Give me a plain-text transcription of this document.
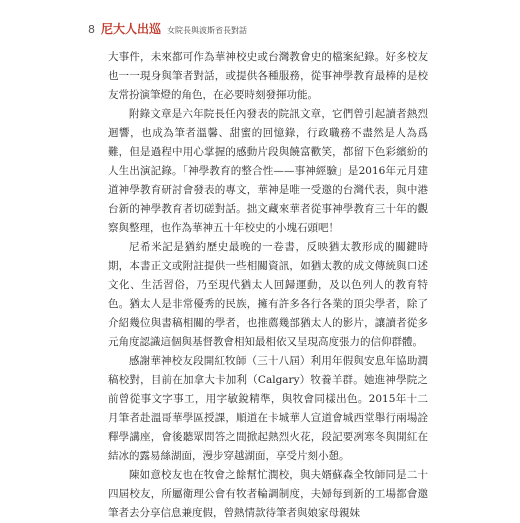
8 尼大人出巡 女院長與波斯省長對話

大事件，未來都可作為華神校史或台灣教會史的檔案紀錄。好多校友也一一現身與筆者對話，或提供各種服務，從事神學教育最棒的是校友常扮演筆燈的角色，在必要時刻發揮功能。

附錄文章是六年院長任內發表的院訊文章，它們曾引起讀者熱烈迴響，也成為筆者溫馨、甜蜜的回憶錄，行政職務不盡然是人為爲難，但是過程中用心掌握的感動片段與饒富歡笑，都留下色彩繽紛的人生出演記錄。「神學教育的整合性——事神經驗」是2016年元月建道神學教育研討會發表的專文，華神是唯一受邀的台灣代表，與中港台新的神學教育者切磋對話。拙文藏來華者從事神學教育三十年的觀察與整理，也作為華神五十年校史的小塊石頭吧！

尼希米記是猶約歷史最晚的一卷書，反映猶太教形成的關鍵時期，本書正文或附註提供一些相關資訊，如猶太教的成文傳統與口述文化、生活習俗，乃至現代猶太人回歸運動，及以色列人的教育特色。猶太人是非常優秀的民族，擁有許多各行各業的頂尖學者，除了介紹幾位與書稿相關的學者，也推薦幾部猶太人的影片，讓讀者從多元角度認識這個與基督教會相知最相依又呈現高度張力的信仰群體。

感謝華神校友段開紅牧師（三十八屆）利用年假與安息年協助潤稿校對，目前在加拿大卡加利（Calgary）牧養羊群。她進神學院之前曾從事文字事工，用字敏銳精準，與牧會同樣出色。2015年十二月筆者赴溫哥華學區授課，順道在卡城華人宣道會城西堂舉行兩場詮釋學講座，會後聽眾問答之間掀起熱烈火花，段記要冽寒冬與開紅在結冰的露易絲湖面，漫步穿越湖面，享受片刻小憩。

陳如意校友也在牧會之餘幫忙潤校，與夫婿蘇森全牧師同是二十四屆校友，所屬衛理公會有牧者輪調制度，夫婦每到新的工場都會邀筆者去分享信息兼度假，曾熱情款待筆者與娘家母親妹
